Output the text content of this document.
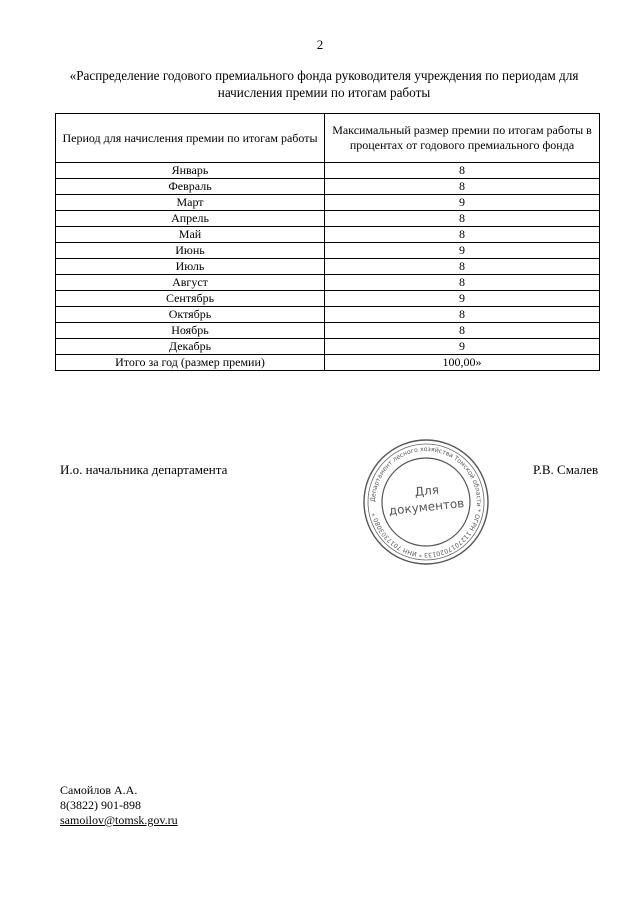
2
«Распределение годового премиального фонда руководителя учреждения по периодам для начисления премии по итогам работы
Период для начисления премии по итогам работы	Максимальный размер премии по итогам работы в процентах от годового премиального фонда
Январь	8
Февраль	8
Март	9
Апрель	8
Май	8
Июнь	9
Июль	8
Август	8
Сентябрь	9
Октябрь	8
Ноябрь	8
Декабрь	9
Итого за год (размер премии)	100,00»
И.о. начальника департамента	Р.В. Смалев
Департамент лесного хозяйства Томской области * ОГРН 1127017020133 * ИНН 7017303080 *
Для
документов
Самойлов А.А.
8(3822) 901-898
samoilov@tomsk.gov.ru
